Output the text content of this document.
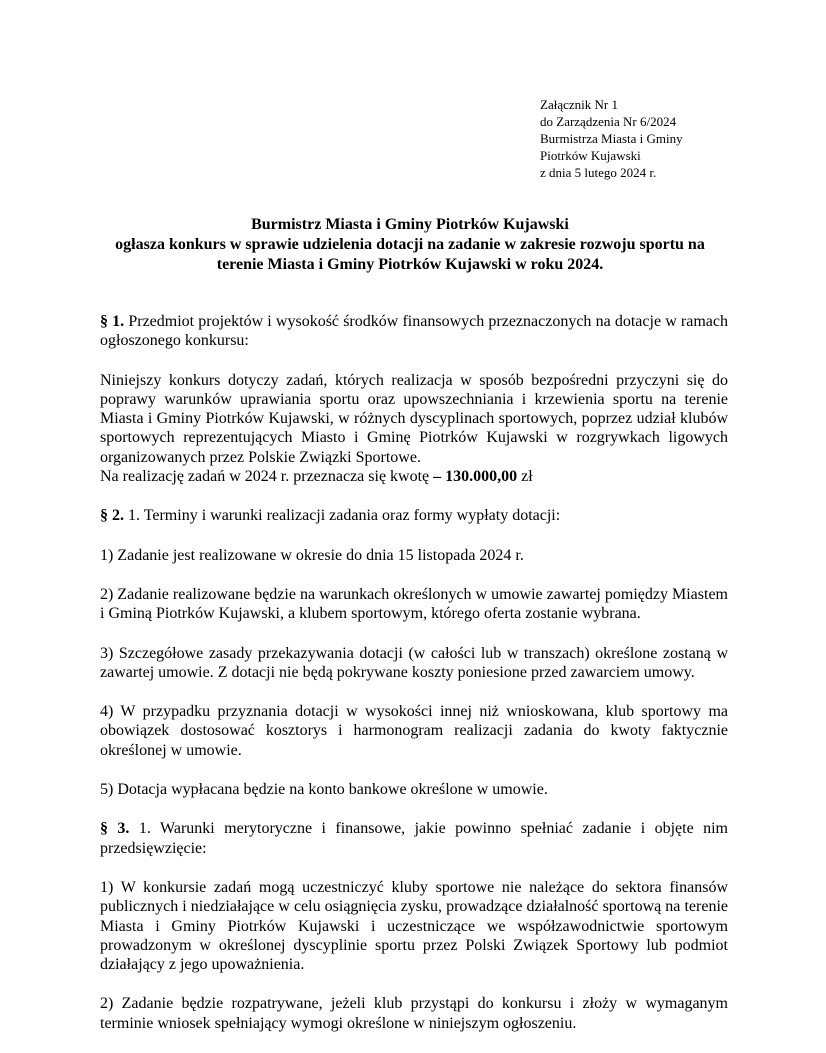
Załącznik Nr 1
do Zarządzenia Nr 6/2024
Burmistrza Miasta i Gminy
Piotrków Kujawski
z dnia 5 lutego 2024 r.
Burmistrz Miasta i Gminy Piotrków Kujawski
ogłasza konkurs w sprawie udzielenia dotacji na zadanie w zakresie rozwoju sportu na
terenie Miasta i Gminy Piotrków Kujawski w roku 2024.

§ 1. Przedmiot projektów i wysokość środków finansowych przeznaczonych na dotacje w ramach ogłoszonego konkursu:

Niniejszy konkurs dotyczy zadań, których realizacja w sposób bezpośredni przyczyni się do poprawy warunków uprawiania sportu oraz upowszechniania i krzewienia sportu na terenie Miasta i Gminy Piotrków Kujawski, w różnych dyscyplinach sportowych, poprzez udział klubów sportowych reprezentujących Miasto i Gminę Piotrków Kujawski w rozgrywkach ligowych organizowanych przez Polskie Związki Sportowe.

Na realizację zadań w 2024 r. przeznacza się kwotę – 130.000,00 zł

§ 2. 1. Terminy i warunki realizacji zadania oraz formy wypłaty dotacji:

1) Zadanie jest realizowane w okresie do dnia 15 listopada 2024 r.

2) Zadanie realizowane będzie na warunkach określonych w umowie zawartej pomiędzy Miastem i Gminą Piotrków Kujawski, a klubem sportowym, którego oferta zostanie wybrana.

3) Szczegółowe zasady przekazywania dotacji (w całości lub w transzach) określone zostaną w zawartej umowie. Z dotacji nie będą pokrywane koszty poniesione przed zawarciem umowy.

4) W przypadku przyznania dotacji w wysokości innej niż wnioskowana, klub sportowy ma obowiązek dostosować kosztorys i harmonogram realizacji zadania do kwoty faktycznie określonej w umowie.

5) Dotacja wypłacana będzie na konto bankowe określone w umowie.

§ 3. 1. Warunki merytoryczne i finansowe, jakie powinno spełniać zadanie i objęte nim przedsięwzięcie:

1) W konkursie zadań mogą uczestniczyć kluby sportowe nie należące do sektora finansów publicznych i niedziałające w celu osiągnięcia zysku, prowadzące działalność sportową na terenie Miasta i Gminy Piotrków Kujawski i uczestniczące we współzawodnictwie sportowym prowadzonym w określonej dyscyplinie sportu przez Polski Związek Sportowy lub podmiot działający z jego upoważnienia.

2) Zadanie będzie rozpatrywane, jeżeli klub przystąpi do konkursu i złoży w wymaganym terminie wniosek spełniający wymogi określone w niniejszym ogłoszeniu.
